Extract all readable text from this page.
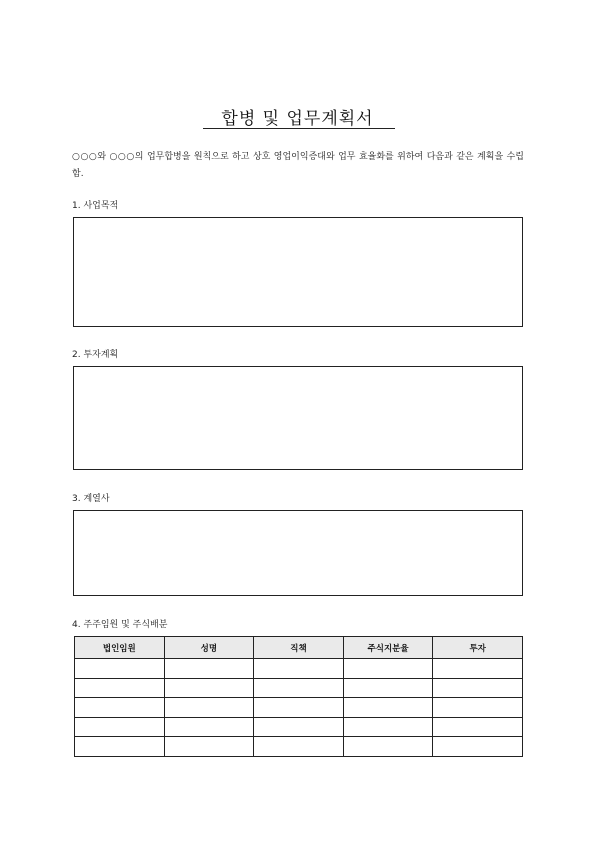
합병 및 업무계획서
○○○와 ○○○의 업무합병을 원칙으로 하고 상호 영업이익증대와 업무 효율화를 위하여 다음과 같은 계획을 수립함.
1. 사업목적
2. 투자계획
3. 계열사
4. 주주임원 및 주식배분
법인임원	성명	직책	주식지분율	투자
